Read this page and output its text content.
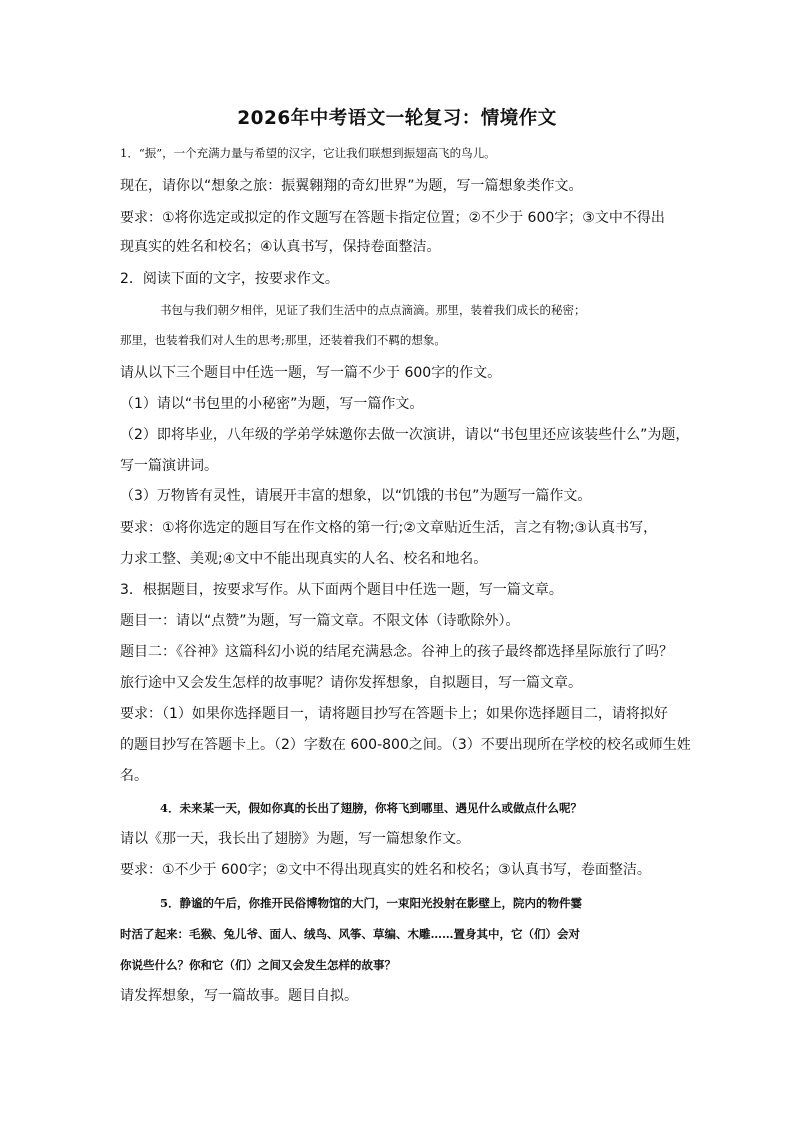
2026年中考语文一轮复习：情境作文
1．“振”，一个充满力量与希望的汉字，它让我们联想到振翅高飞的鸟儿。
现在，请你以“想象之旅：振翼翱翔的奇幻世界”为题，写一篇想象类作文。
要求：①将你选定或拟定的作文题写在答题卡指定位置；②不少于 600字；③文中不得出
现真实的姓名和校名；④认真书写，保持卷面整洁。
2．阅读下面的文字，按要求作文。
书包与我们朝夕相伴，见证了我们生活中的点点滴滴。那里，装着我们成长的秘密；
那里，也装着我们对人生的思考;那里，还装着我们不羁的想象。
请从以下三个题目中任选一题，写一篇不少于 600字的作文。
（1）请以“书包里的小秘密”为题，写一篇作文。
（2）即将毕业，八年级的学弟学妹邀你去做一次演讲，请以“书包里还应该装些什么”为题，
写一篇演讲词。
（3）万物皆有灵性，请展开丰富的想象，以“饥饿的书包”为题写一篇作文。
要求：①将你选定的题目写在作文格的第一行;②文章贴近生活，言之有物;③认真书写，
力求工整、美观;④文中不能出现真实的人名、校名和地名。
3．根据题目，按要求写作。从下面两个题目中任选一题，写一篇文章。
题目一：请以“点赞”为题，写一篇文章。不限文体（诗歌除外）。
题目二：《谷神》这篇科幻小说的结尾充满悬念。谷神上的孩子最终都选择星际旅行了吗？
旅行途中又会发生怎样的故事呢？请你发挥想象，自拟题目，写一篇文章。
要求：（1）如果你选择题目一，请将题目抄写在答题卡上；如果你选择题目二，请将拟好
的题目抄写在答题卡上。（2）字数在 600-800之间。（3）不要出现所在学校的校名或师生姓
名。
4．未来某一天，假如你真的长出了翅膀，你将飞到哪里、遇见什么或做点什么呢？
请以《那一天，我长出了翅膀》为题，写一篇想象作文。
要求：①不少于 600字；②文中不得出现真实的姓名和校名；③认真书写，卷面整洁。
5．静谧的午后，你推开民俗博物馆的大门，一束阳光投射在影壁上，院内的物件霎
时活了起来：毛猴、兔儿爷、面人、绒鸟、风筝、草编、木雕……置身其中，它（们）会对
你说些什么？你和它（们）之间又会发生怎样的故事？
请发挥想象，写一篇故事。题目自拟。
